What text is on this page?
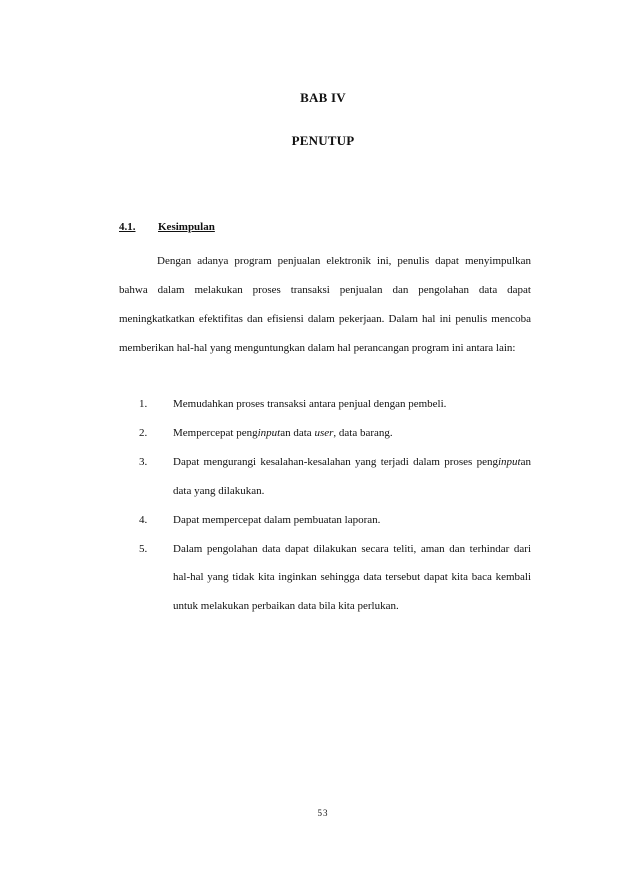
BAB IV
PENUTUP
4.1.	Kesimpulan

Dengan adanya program penjualan elektronik ini, penulis dapat menyimpulkan bahwa dalam melakukan proses transaksi penjualan dan pengolahan data dapat meningkatkatkan efektifitas dan efisiensi dalam pekerjaan. Dalam hal ini penulis mencoba memberikan hal-hal yang menguntungkan dalam hal perancangan program ini antara lain:

1.	Memudahkan proses transaksi antara penjual dengan pembeli.
2.	Mempercepat penginputan data user, data barang.
3.	Dapat mengurangi kesalahan-kesalahan yang terjadi dalam proses penginputan data yang dilakukan.
4.	Dapat mempercepat dalam pembuatan laporan.
5.	Dalam pengolahan data dapat dilakukan secara teliti, aman dan terhindar dari hal-hal yang tidak kita inginkan sehingga data tersebut dapat kita baca kembali untuk melakukan perbaikan data bila kita perlukan.
53
